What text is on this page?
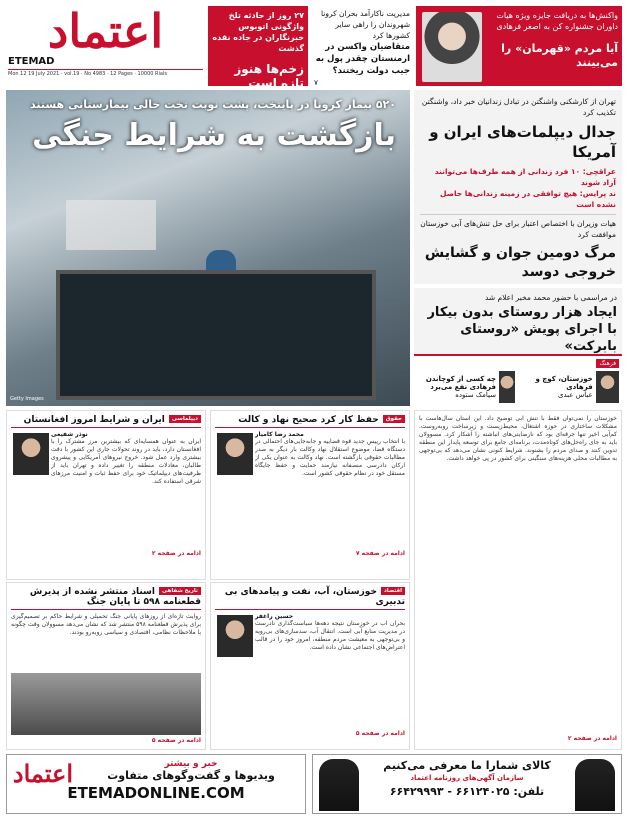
اعتماد
ETEMAD
Mon 12 19 July 2021 · vol.19 · No 4983 · 12 Pages · 10000 Rials
۲۷ روز از حادثه تلخ واژگونی اتوبوس خبرنگاران در جاده نقده گذشت
زخم‌ها هنوز تازه است
مدیریت ناکارآمد بحران کرونا شهروندان را راهی سایر کشورها کرد
متقاضیان واکسن در ارمنستان چقدر پول به جیب دولت ریختند؟
۷
واکنش‌ها به دریافت جایزه ویژه هیات داوران جشنواره کن به اصغر فرهادی
آیا مردم «قهرمان» را می‌بینند
۵۲۰ بیمار کرونا در پایتخت، پشت نوبت تخت خالی بیمارستانی هستند
بازگشت به شرایط جنگی
Getty Images
تهران از کارشکنی واشنگتن در تبادل زندانیان خبر داد، واشنگتن تکذیب کرد
جدال دیپلمات‌های ایران و آمریکا
عراقچی: ۱۰ فرد زندانی از همه طرف‌ها می‌توانند آزاد شوند
ند پرایس: هیچ توافقی در زمینه زندانی‌ها حاصل نشده است
هیات وزیران با اختصاص اعتبار برای حل تنش‌های آبی خوزستان موافقت کرد
مرگ دومین جوان و گشایش خروجی دوسد
در مراسمی با حضور محمد مخبر اعلام شد
ایجاد هزار روستای بدون بیکار با اجرای پویش «روستای بابرکت»
فرهنگ
خوزستان، کوچ و فرهادی
عباس عبدی
چه کسی از کوچاندن فرهادی نفع می‌برد
سیامک ستوده
خوزستان را نمی‌توان فقط با تنش آبی توضیح داد. این استان سال‌هاست با مشکلات ساختاری در حوزه اشتغال، محیط‌زیست و زیرساخت روبه‌روست. کم‌آبی اخیر تنها جرقه‌ای بود که نارضایتی‌های انباشته را آشکار کرد. مسوولان باید به جای راه‌حل‌های کوتاه‌مدت، برنامه‌ای جامع برای توسعه پایدار این منطقه تدوین کنند و صدای مردم را بشنوند. شرایط کنونی نشان می‌دهد که بی‌توجهی به مطالبات محلی هزینه‌های سنگینی برای کشور در پی خواهد داشت.
ادامه در صفحه ۲
حقوق
حفظ کار کرد صحیح نهاد و کالت
محمد رضا کامیار
با انتخاب رییس جدید قوه قضاییه و جابه‌جایی‌های احتمالی در دستگاه قضا، موضوع استقلال نهاد وکالت بار دیگر به صدر مطالبات حقوقی بازگشته است. نهاد وکالت به عنوان یکی از ارکان دادرسی منصفانه نیازمند حمایت و حفظ جایگاه مستقل خود در نظام حقوقی کشور است.
ادامه در صفحه ۷
دیپلماسی
ایران و شرایط امروز افغانستان
نوذر شفیعی
ایران به عنوان همسایه‌ای که بیشترین مرز مشترک را با افغانستان دارد، باید در روند تحولات جاری این کشور با دقت بیشتری وارد عمل شود. خروج نیروهای آمریکایی و پیشروی طالبان، معادلات منطقه را تغییر داده و تهران باید از ظرفیت‌های دیپلماتیک خود برای حفظ ثبات و امنیت مرزهای شرقی استفاده کند.
ادامه در صفحه ۲
اقتصاد
خوزستان، آب، نفت و پیامدهای بی تدبیری
حسین راغفر
بحران آب در خوزستان نتیجه دهه‌ها سیاست‌گذاری نادرست در مدیریت منابع آبی است. انتقال آب، سدسازی‌های بی‌رویه و بی‌توجهی به معیشت مردم منطقه، امروز خود را در قالب اعتراض‌های اجتماعی نشان داده است.
ادامه در صفحه ۵
تاریخ شفاهی
اسناد منتشر نشده از پذیرش قطعنامه ۵۹۸ تا پایان جنگ
روایت تازه‌ای از روزهای پایانی جنگ تحمیلی و شرایط حاکم بر تصمیم‌گیری برای پذیرش قطعنامه ۵۹۸ منتشر شد که نشان می‌دهد مسوولان وقت چگونه با ملاحظات نظامی، اقتصادی و سیاسی روبه‌رو بودند.
ادامه در صفحه ۵
اعتماد	خبر و بیشتر
ویدیوها و گفت‌وگوهای متفاوت
ETEMADONLINE.COM
کالای شمارا ما معرفی می‌کنیم
سازمان آگهی‌های روزنامه اعتماد
تلفن: ۶۶۱۲۴۰۲۵ - ۶۶۴۲۹۹۹۳
